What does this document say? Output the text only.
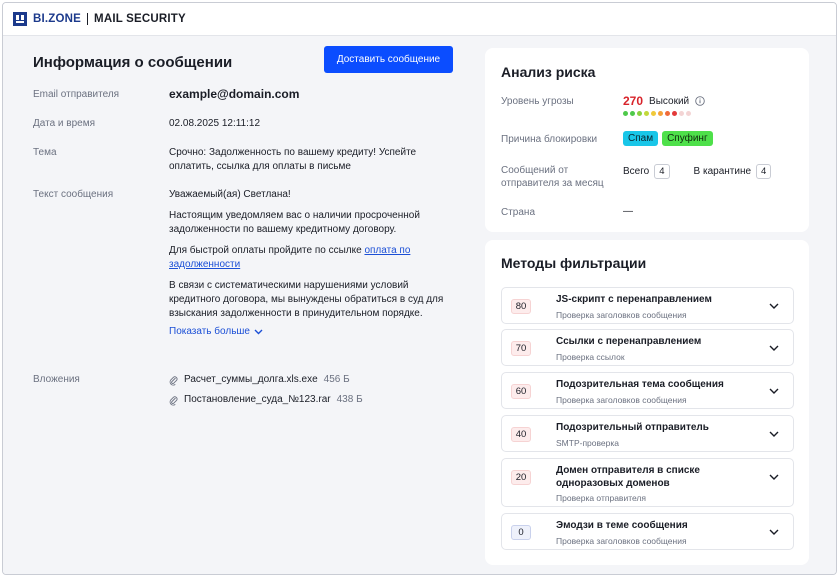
BI.ZONE MAIL SECURITY
Информация о сообщении	Доставить сообщение
Email отправителя	example@domain.com
Дата и время	02.08.2025 12:11:12
Тема	Срочно: Задолженность по вашему кредиту! Успейте оплатить, ссылка для оплаты в письме
Текст сообщения	Уважаемый(ая) Светлана!
Настоящим уведомляем вас о наличии просроченной задолженности по вашему кредитному договору.
Для быстрой оплаты пройдите по ссылке оплата по задолженности
В связи с систематическими нарушениями условий кредитного договора, мы вынуждены обратиться в суд для взыскания задолженности в принудительном порядке.
Показать больше
Вложения	Расчет_суммы_долга.xls.exe 456 Б
Постановление_суда_№123.rar 438 Б
Анализ риска
Уровень угрозы	270 Высокий
Причина блокировки	Спам	Спуфинг
Сообщений от отправителя за месяц
Всего	4	В карантине	4
Страна	—
Методы фильтрации
80
JS-скрипт с перенаправлением
Проверка заголовков сообщения
70
Ссылки с перенаправлением
Проверка ссылок
60
Подозрительная тема сообщения
Проверка заголовков сообщения
40
Подозрительный отправитель
SMTP-проверка
20
Домен отправителя в списке одноразовых доменов
Проверка отправителя
0
Эмодзи в теме сообщения
Проверка заголовков сообщения
